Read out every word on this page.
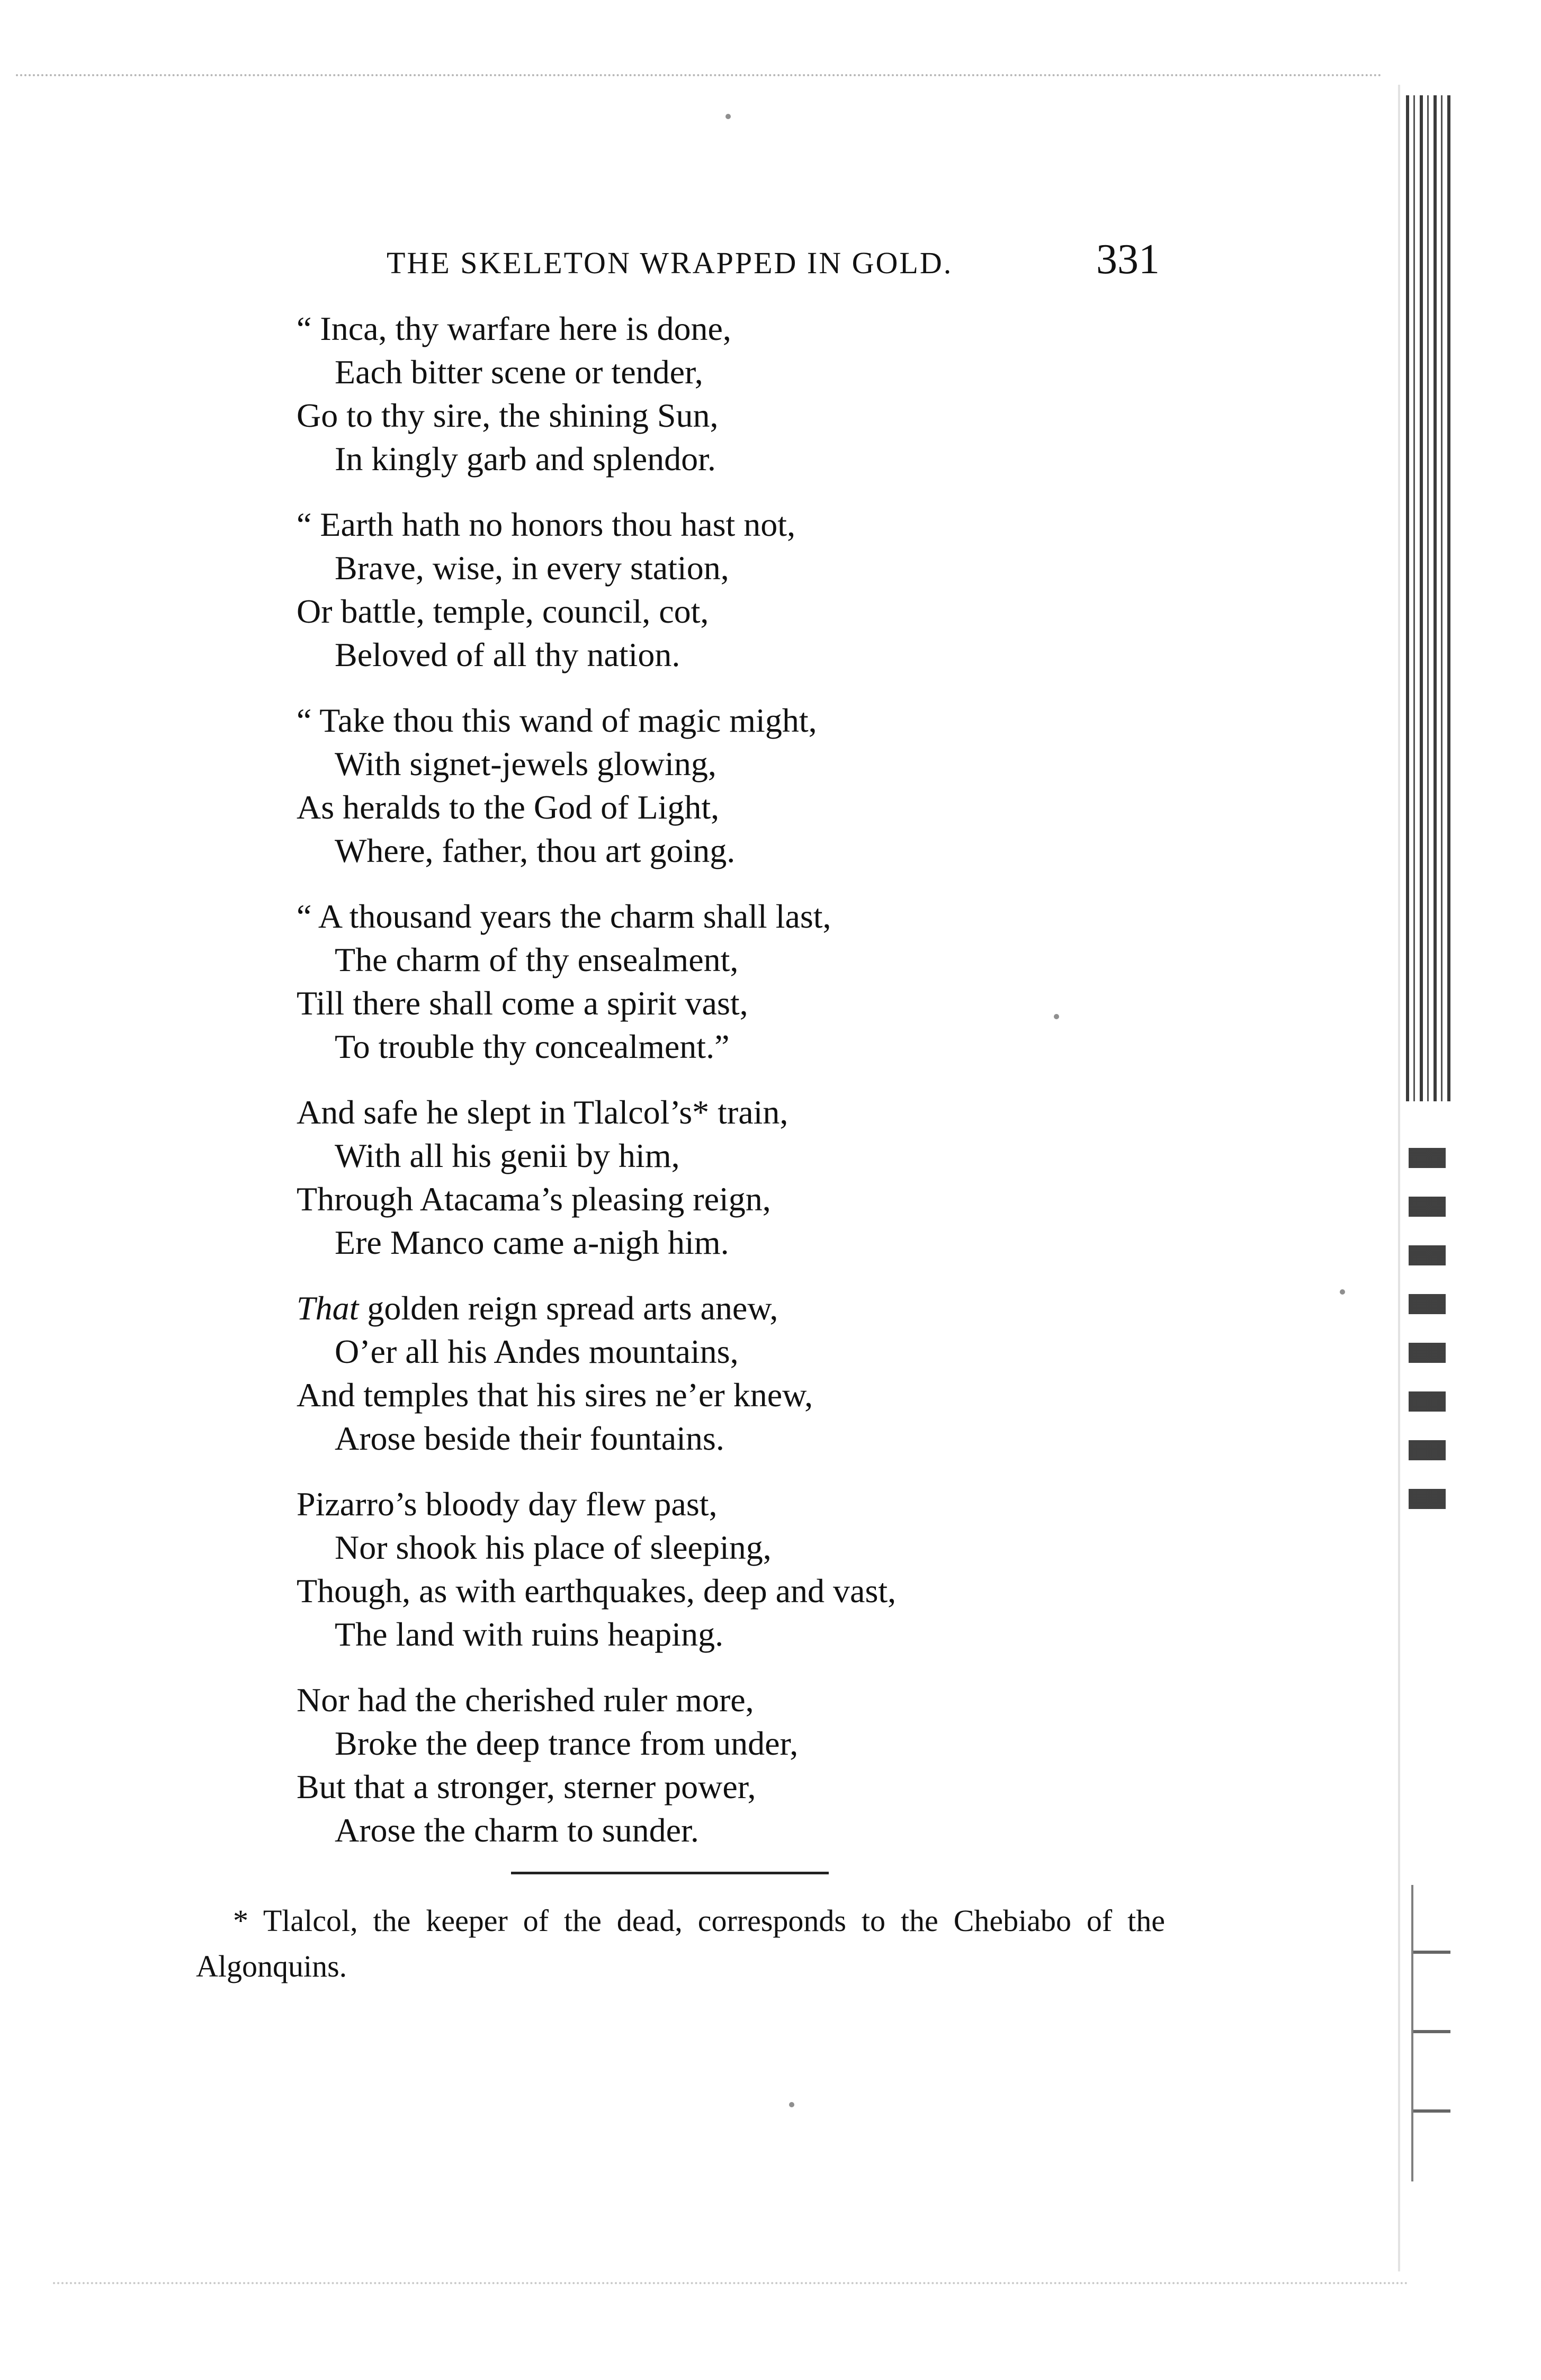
THE SKELETON WRAPPED IN GOLD.	331
“ Inca, thy warfare here is done,
Each bitter scene or tender,
Go to thy sire, the shining Sun,
In kingly garb and splendor.
“ Earth hath no honors thou hast not,
Brave, wise, in every station,
Or battle, temple, council, cot,
Beloved of all thy nation.
“ Take thou this wand of magic might,
With signet-jewels glowing,
As heralds to the God of Light,
Where, father, thou art going.
“ A thousand years the charm shall last,
The charm of thy ensealment,
Till there shall come a spirit vast,
To trouble thy concealment.”
And safe he slept in Tlalcol’s* train,
With all his genii by him,
Through Atacama’s pleasing reign,
Ere Manco came a-nigh him.
That golden reign spread arts anew,
O’er all his Andes mountains,
And temples that his sires ne’er knew,
Arose beside their fountains.
Pizarro’s bloody day flew past,
Nor shook his place of sleeping,
Though, as with earthquakes, deep and vast,
The land with ruins heaping.
Nor had the cherished ruler more,
Broke the deep trance from under,
But that a stronger, sterner power,
Arose the charm to sunder.
* Tlalcol, the keeper of the dead, corresponds to the Chebiabo of the Algonquins.
